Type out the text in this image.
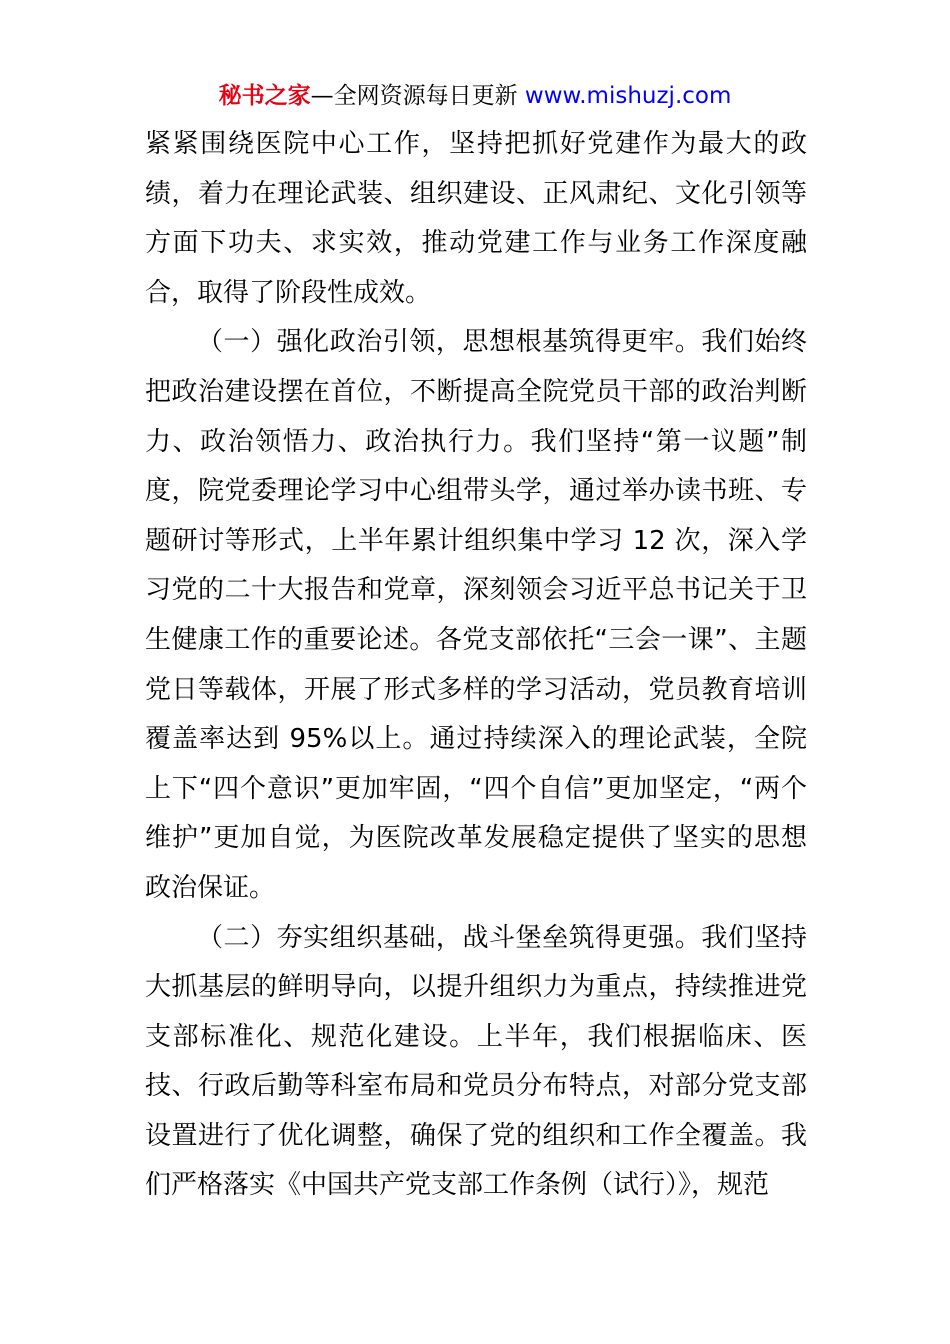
秘书之家—全网资源每日更新 www.mishuzj.com

紧紧围绕医院中心工作，坚持把抓好党建作为最大的政绩，着力在理论武装、组织建设、正风肃纪、文化引领等方面下功夫、求实效，推动党建工作与业务工作深度融合，取得了阶段性成效。

（一）强化政治引领，思想根基筑得更牢。我们始终把政治建设摆在首位，不断提高全院党员干部的政治判断力、政治领悟力、政治执行力。我们坚持“第一议题”制度，院党委理论学习中心组带头学，通过举办读书班、专题研讨等形式，上半年累计组织集中学习 12 次，深入学习党的二十大报告和党章，深刻领会习近平总书记关于卫生健康工作的重要论述。各党支部依托“三会一课”、主题党日等载体，开展了形式多样的学习活动，党员教育培训覆盖率达到 95%以上。通过持续深入的理论武装，全院上下“四个意识”更加牢固，“四个自信”更加坚定，“两个维护”更加自觉，为医院改革发展稳定提供了坚实的思想政治保证。

（二）夯实组织基础，战斗堡垒筑得更强。我们坚持大抓基层的鲜明导向，以提升组织力为重点，持续推进党支部标准化、规范化建设。上半年，我们根据临床、医技、行政后勤等科室布局和党员分布特点，对部分党支部设置进行了优化调整，确保了党的组织和工作全覆盖。我们严格落实《中国共产党支部工作条例（试行）》，规范
